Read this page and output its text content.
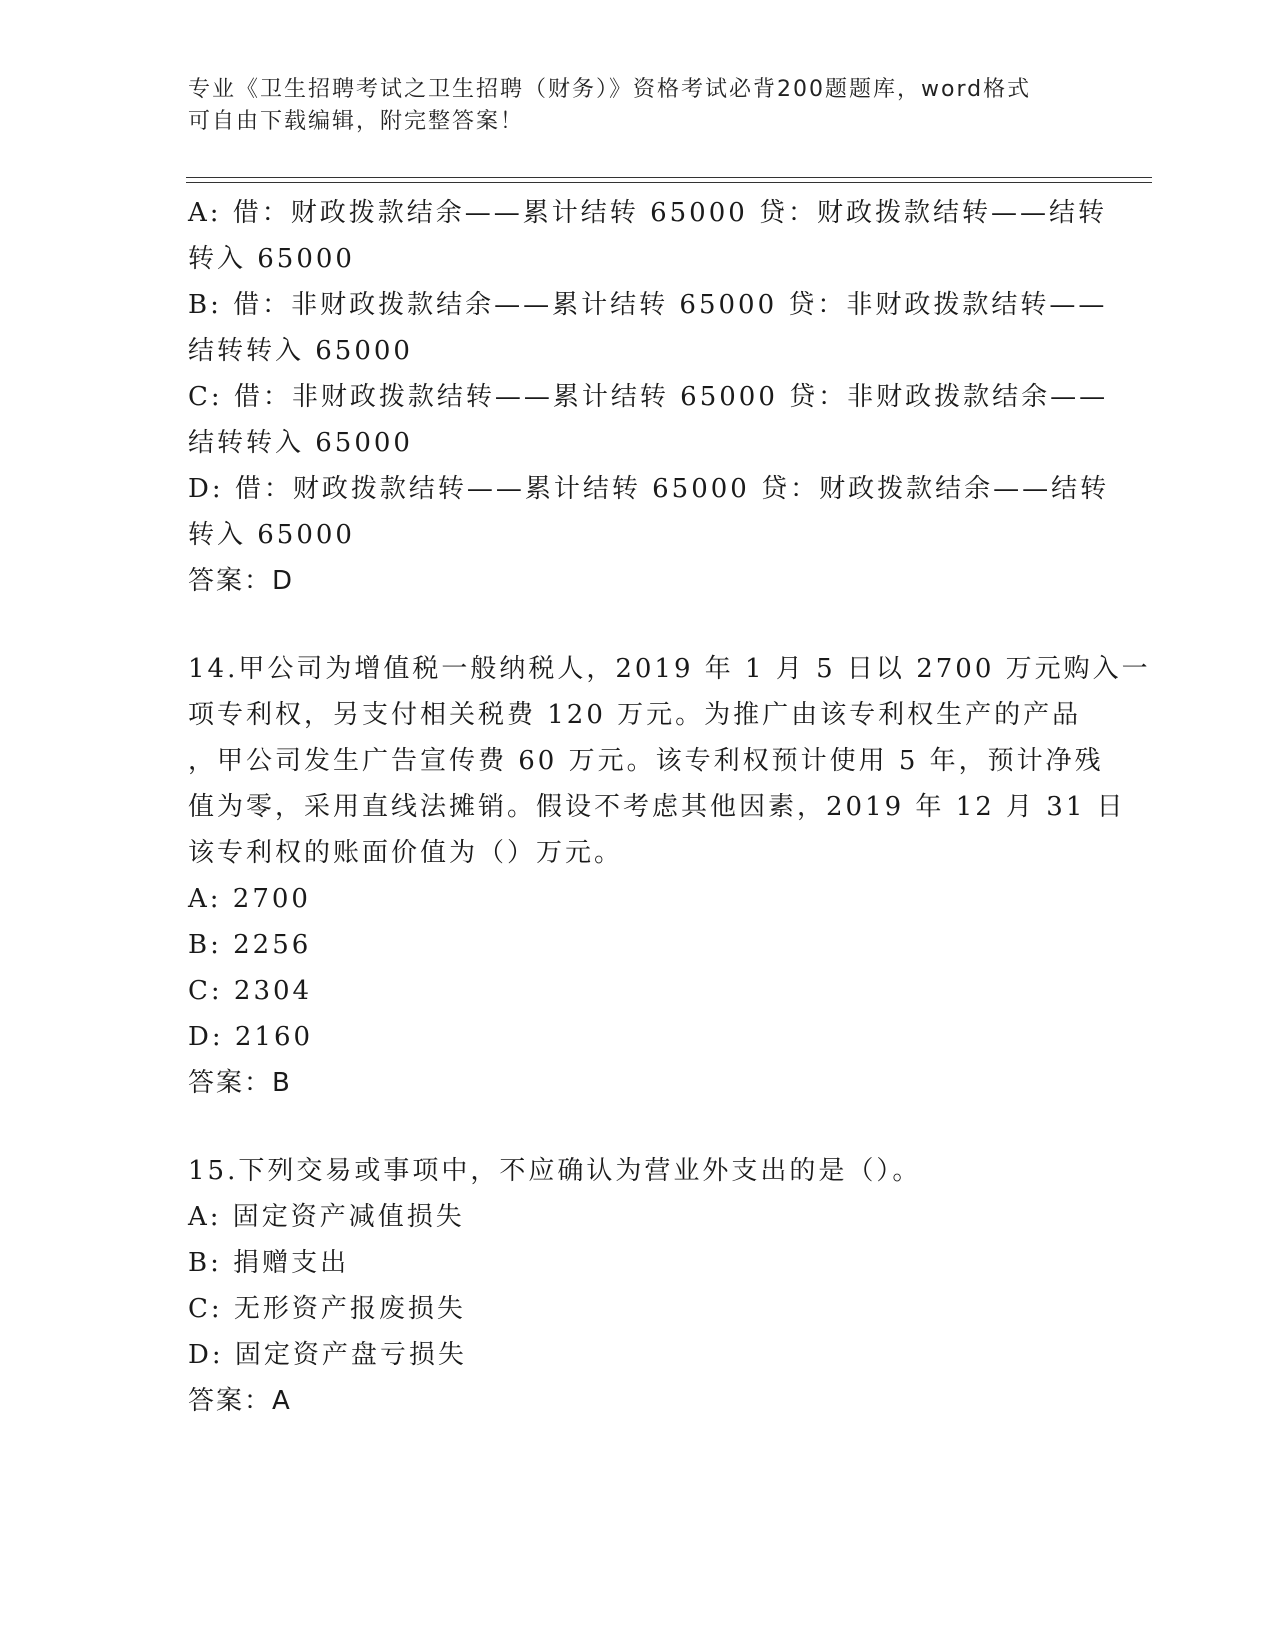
专业《卫生招聘考试之卫生招聘（财务）》资格考试必背200题题库，word格式
可自由下载编辑，附完整答案！
A: 借：财政拨款结余——累计结转 65000 贷：财政拨款结转——结转
转入 65000
B: 借：非财政拨款结余——累计结转 65000 贷：非财政拨款结转——
结转转入 65000
C: 借：非财政拨款结转——累计结转 65000 贷：非财政拨款结余——
结转转入 65000
D: 借：财政拨款结转——累计结转 65000 贷：财政拨款结余——结转
转入 65000
答案：D
14.甲公司为增值税一般纳税人，2019 年 1 月 5 日以 2700 万元购入一
项专利权，另支付相关税费 120 万元。为推广由该专利权生产的产品
，甲公司发生广告宣传费 60 万元。该专利权预计使用 5 年，预计净残
值为零，采用直线法摊销。假设不考虑其他因素，2019 年 12 月 31 日
该专利权的账面价值为（）万元。
A: 2700
B: 2256
C: 2304
D: 2160
答案：B
15.下列交易或事项中，不应确认为营业外支出的是（）。
A: 固定资产减值损失
B: 捐赠支出
C: 无形资产报废损失
D: 固定资产盘亏损失
答案：A
